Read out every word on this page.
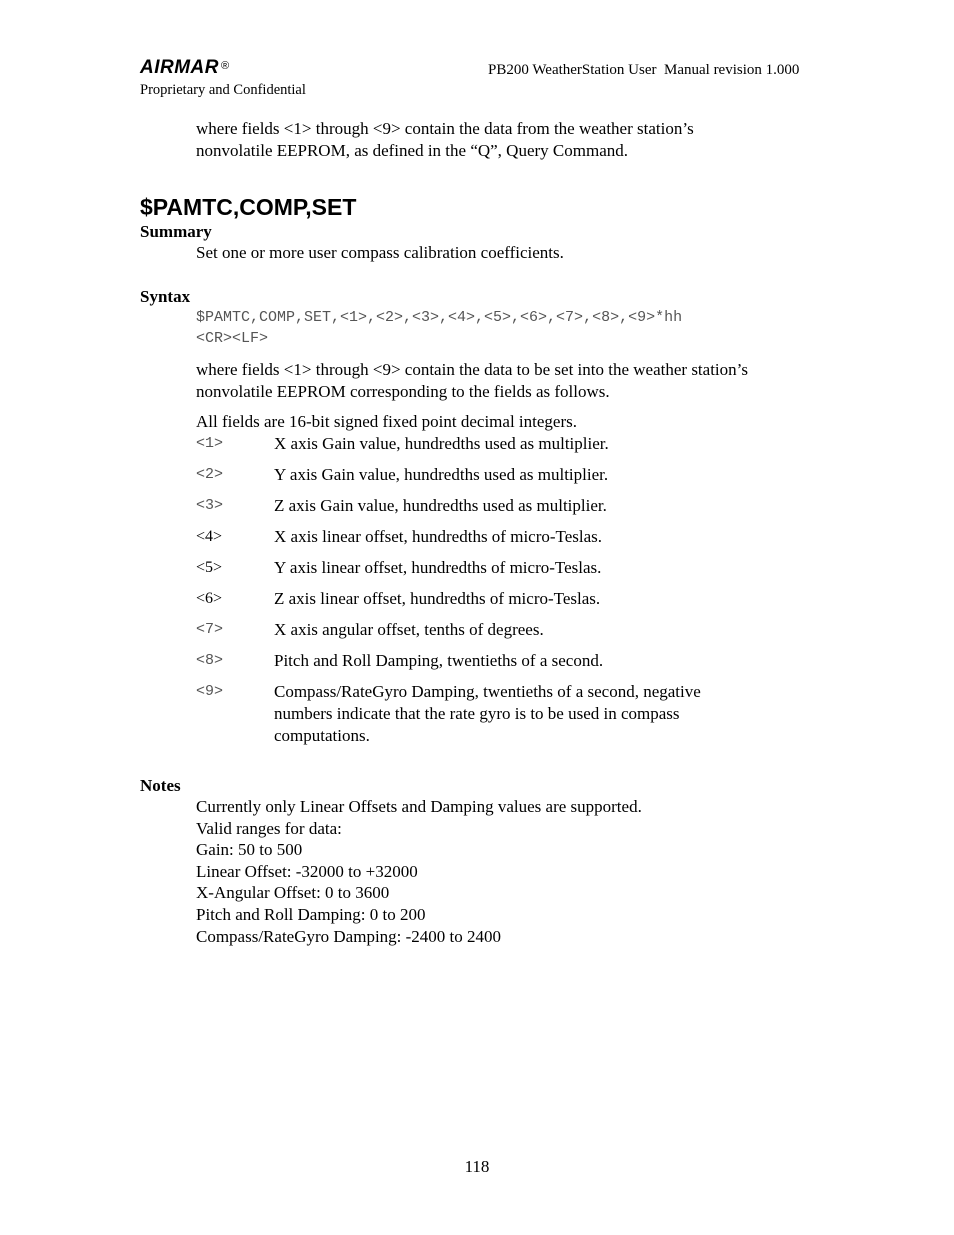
AIRMAR ®
Proprietary and Confidential
PB200 WeatherStation User  Manual revision 1.000
where fields <1> through <9> contain the data from the weather station’s
nonvolatile EEPROM, as defined in the “Q”, Query Command.
$PAMTC,COMP,SET
Summary
Set one or more user compass calibration coefficients.
Syntax
$PAMTC,COMP,SET,<1>,<2>,<3>,<4>,<5>,<6>,<7>,<8>,<9>*hh
<CR><LF>
where fields <1> through <9> contain the data to be set into the weather station’s
nonvolatile EEPROM corresponding to the fields as follows.
All fields are 16-bit signed fixed point decimal integers.
<1>	X axis Gain value, hundredths used as multiplier.
<2>	Y axis Gain value, hundredths used as multiplier.
<3>	Z axis Gain value, hundredths used as multiplier.
<4>	X axis linear offset, hundredths of micro-Teslas.
<5>	Y axis linear offset, hundredths of micro-Teslas.
<6>	Z axis linear offset, hundredths of micro-Teslas.
<7>	X axis angular offset, tenths of degrees.
<8>	Pitch and Roll Damping, twentieths of a second.
<9>	Compass/RateGyro Damping, twentieths of a second, negative numbers indicate that the rate gyro is to be used in compass computations.
Notes
Currently only Linear Offsets and Damping values are supported.
Valid ranges for data:
Gain: 50 to 500
Linear Offset: -32000 to +32000
X-Angular Offset: 0 to 3600
Pitch and Roll Damping: 0 to 200
Compass/RateGyro Damping: -2400 to 2400
118
